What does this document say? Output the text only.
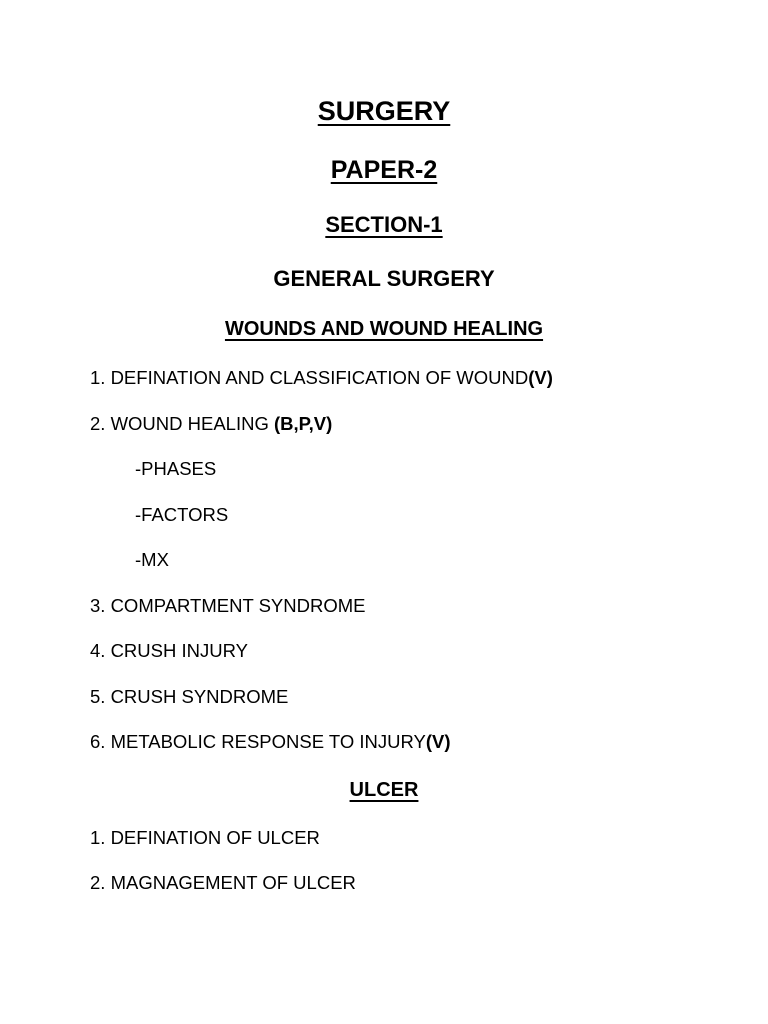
SURGERY
PAPER-2
SECTION-1
GENERAL SURGERY
WOUNDS AND WOUND HEALING
1. DEFINATION AND CLASSIFICATION OF WOUND(V)
2. WOUND HEALING (B,P,V)
-PHASES
-FACTORS
-MX
3. COMPARTMENT SYNDROME
4. CRUSH INJURY
5. CRUSH SYNDROME
6. METABOLIC RESPONSE TO INJURY(V)
ULCER
1. DEFINATION OF ULCER
2. MAGNAGEMENT OF ULCER
